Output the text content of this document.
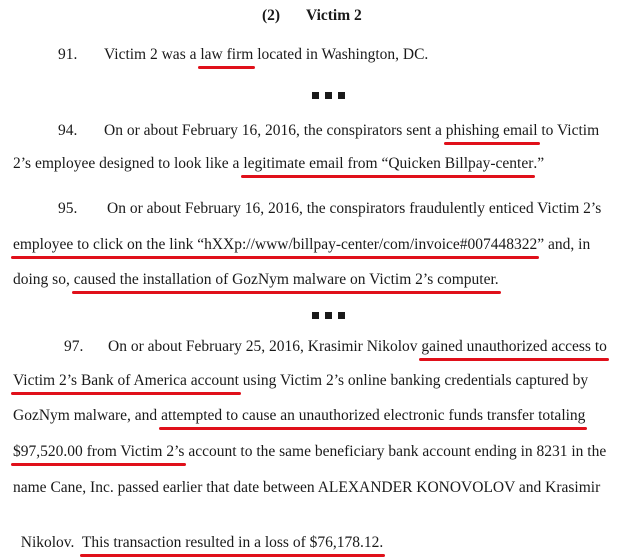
(2) Victim 2
91. Victim 2 was a law firm located in Washington, DC.
94. On or about February 16, 2016, the conspirators sent a phishing email to Victim
2’s employee designed to look like a legitimate email from “Quicken Billpay-center.”
95. On or about February 16, 2016, the conspirators fraudulently enticed Victim 2’s
employee to click on the link “hXXp://www/billpay-center/com/invoice#007448322” and, in
doing so, caused the installation of GozNym malware on Victim 2’s computer.
97. On or about February 25, 2016, Krasimir Nikolov gained unauthorized access to
Victim 2’s Bank of America account using Victim 2’s online banking credentials captured by
GozNym malware, and attempted to cause an unauthorized electronic funds transfer totaling
$97,520.00 from Victim 2’s account to the same beneficiary bank account ending in 8231 in the
name Cane, Inc. passed earlier that date between ALEXANDER KONOVOLOV and Krasimir

Nikolov.  This transaction resulted in a loss of $76,178.12.
